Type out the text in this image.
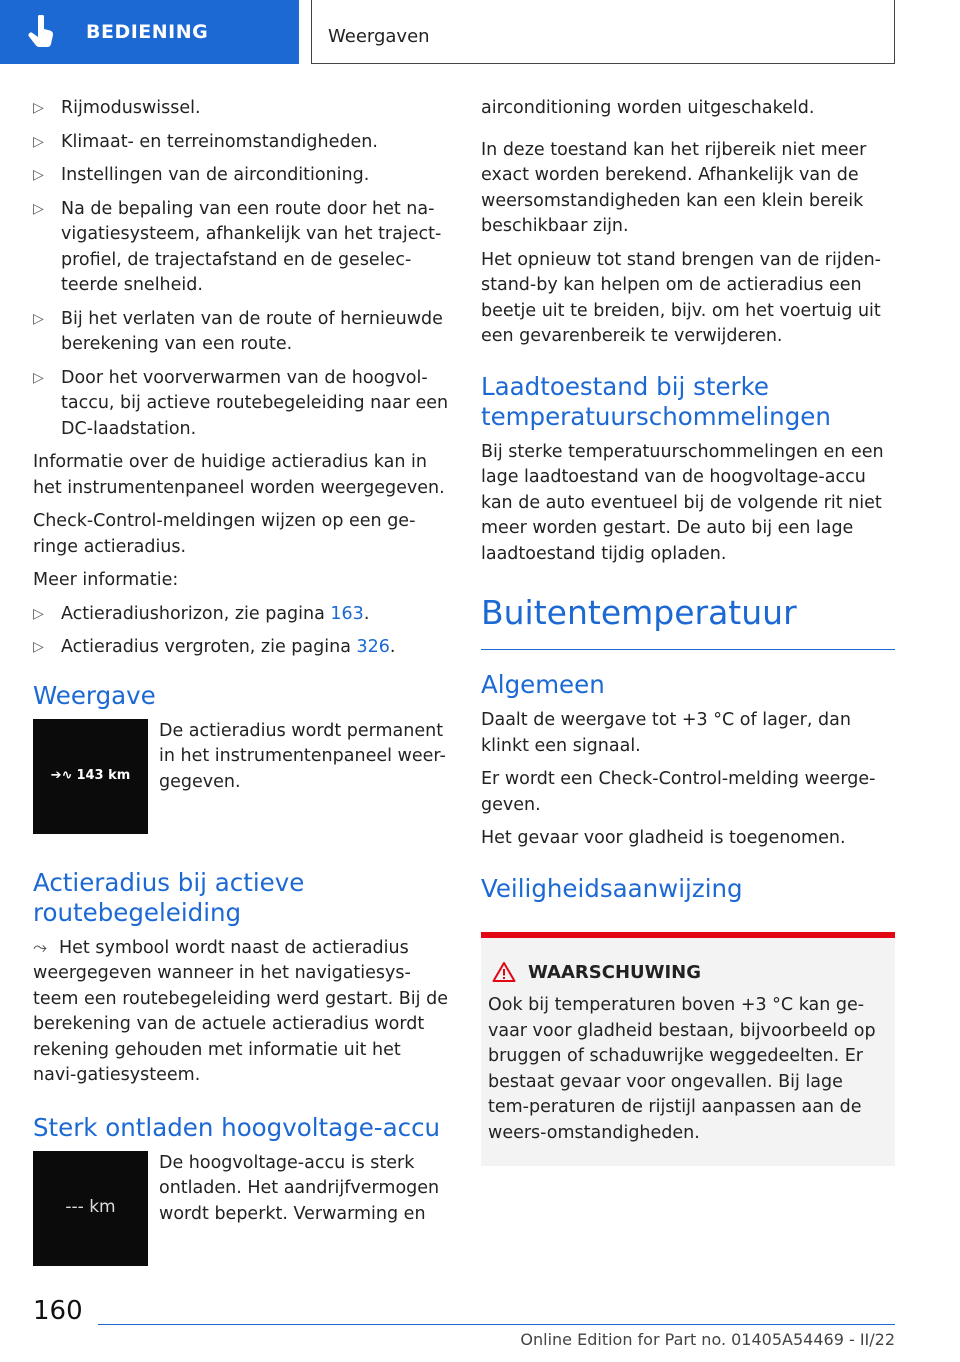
BEDIENING	Weergaven
▷ Rijmoduswissel.
▷ Klimaat- en terreinomstandigheden.
▷ Instellingen van de airconditioning.
▷ Na de bepaling van een route door het na-vigatiesysteem, afhankelijk van het traject-profiel, de trajectafstand en de geselec-teerde snelheid.
▷ Bij het verlaten van de route of hernieuwde berekening van een route.
▷ Door het voorverwarmen van de hoogvol-taccu, bij actieve routebegeleiding naar een DC-laadstation.

Informatie over de huidige actieradius kan in het instrumentenpaneel worden weergegeven.

Check-Control-meldingen wijzen op een ge-ringe actieradius.

Meer informatie:

▷ Actieradiushorizon, zie pagina 163.
▷ Actieradius vergroten, zie pagina 326.
Weergave
➔∿ 143 km
De actieradius wordt permanent in het instrumentenpaneel weer-gegeven.
Actieradius bij actieve routebegeleiding

⤳ Het symbool wordt naast de actieradius weergegeven wanneer in het navigatiesys-teem een routebegeleiding werd gestart. Bij de berekening van de actuele actieradius wordt rekening gehouden met informatie uit het navi-gatiesysteem.

Sterk ontladen hoogvoltage-accu
--- km
De hoogvoltage-accu is sterk ontladen. Het aandrijfvermogen wordt beperkt. Verwarming en

airconditioning worden uitgeschakeld.

In deze toestand kan het rijbereik niet meer exact worden berekend. Afhankelijk van de weersomstandigheden kan een klein bereik beschikbaar zijn.

Het opnieuw tot stand brengen van de rijden-stand-by kan helpen om de actieradius een beetje uit te breiden, bijv. om het voertuig uit een gevarenbereik te verwijderen.

Laadtoestand bij sterke temperatuurschommelingen

Bij sterke temperatuurschommelingen en een lage laadtoestand van de hoogvoltage-accu kan de auto eventueel bij de volgende rit niet meer worden gestart. De auto bij een lage laadtoestand tijdig opladen.

Buitentemperatuur
Algemeen

Daalt de weergave tot +3 °C of lager, dan klinkt een signaal.

Er wordt een Check-Control-melding weerge-geven.

Het gevaar voor gladheid is toegenomen.

Veiligheidsaanwijzing
WAARSCHUWING
Ook bij temperaturen boven +3 °C kan ge-vaar voor gladheid bestaan, bijvoorbeeld op bruggen of schaduwrijke weggedeelten. Er bestaat gevaar voor ongevallen. Bij lage tem-peraturen de rijstijl aanpassen aan de weers-omstandigheden.
160
Online Edition for Part no. 01405A54469 - II/22
